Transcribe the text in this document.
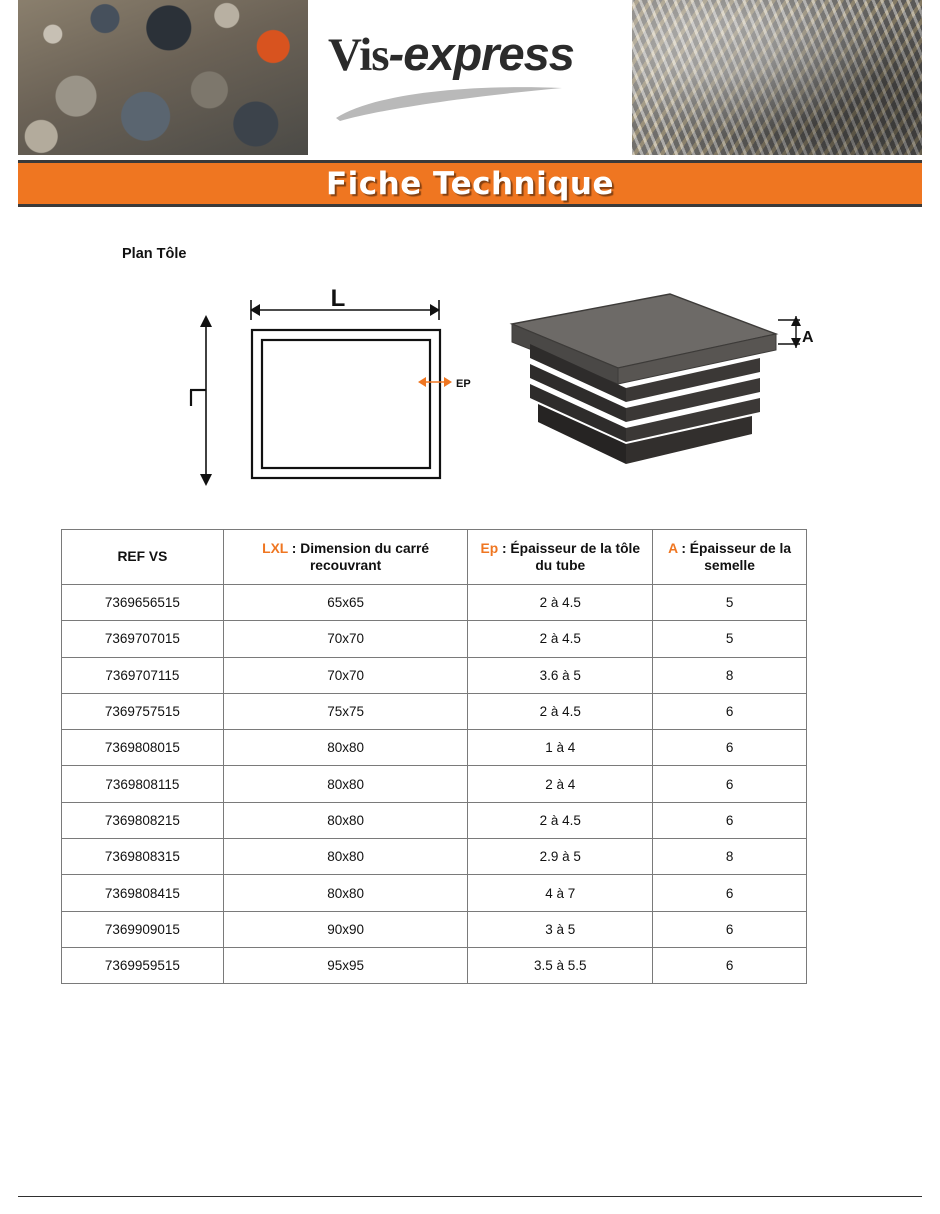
Vis-express
Fiche Technique
Plan Tôle
L
EP
A
REF VS	LXL : Dimension du carré recouvrant	Ep : Épaisseur de la tôle du tube	A : Épaisseur de la semelle
7369656515	65x65	2 à 4.5	5
7369707015	70x70	2 à 4.5	5
7369707115	70x70	3.6 à 5	8
7369757515	75x75	2 à 4.5	6
7369808015	80x80	1 à 4	6
7369808115	80x80	2 à 4	6
7369808215	80x80	2 à 4.5	6
7369808315	80x80	2.9 à 5	8
7369808415	80x80	4 à 7	6
7369909015	90x90	3 à 5	6
7369959515	95x95	3.5 à 5.5	6
